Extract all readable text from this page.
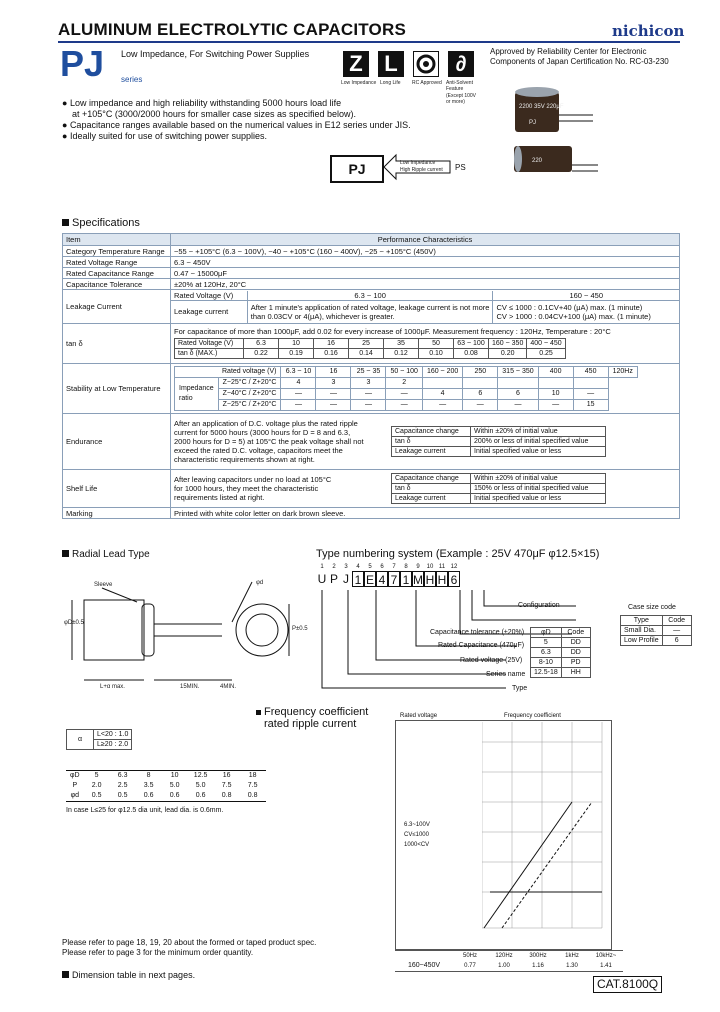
ALUMINUM ELECTROLYTIC CAPACITORS	nichicon
PJ series
Low Impedance, For Switching Power Supplies Z
Low Impedance
L
Long Life RC Approved
∂
Anti-Solvent Feature
(Except 100V or more)
Approved by Reliability Center for Electronic
Components of Japan Certification No. RC-03-230
2200 35V 220μF
PJ
220
● Low impedance and high reliability withstanding 5000 hours load life
at +105°C (3000/2000 hours for smaller case sizes as specified below).
● Capacitance ranges available based on the numerical values in E12 series under JIS.
● Ideally suited for use of switching power supplies.
PJ	Low Impedance
High Ripple current PS
Specifications
Item	Performance Characteristics
Category Temperature Range	−55 ~ +105°C (6.3 ~ 100V), −40 ~ +105°C (160 ~ 400V), −25 ~ +105°C (450V)
Rated Voltage Range	6.3 ~ 450V
Rated Capacitance Range	0.47 ~ 15000μF
Capacitance Tolerance	±20% at 120Hz, 20°C
Leakage Current	
Rated Voltage (V)	6.3 ~ 100	160 ~ 450
Leakage current	After 1 minute's application of rated voltage, leakage current is not more
than 0.03CV or 4(μA), whichever is greater.

CV ≤ 1000 : 0.1CV+40 (μA) max. (1 minute)
CV > 1000 : 0.04CV+100 (μA) max. (1 minute)

tan δ	
For capacitance of more than 1000μF, add 0.02 for every increase of 1000μF. Measurement frequency : 120Hz, Temperature : 20°C
Rated Voltage (V)	6.3	10	16	25	35	50	63 ~ 100	160 ~ 350	400 ~ 450
tan δ (MAX.)	0.22	0.19	0.16	0.14	0.12	0.10	0.08	0.20	0.25

Stability at Low Temperature	
Rated voltage (V)	6.3 ~ 10	16	25 ~ 35	50 ~ 100	160 ~ 200	250	315 ~ 350	400	450	120Hz

Impedance
ratio
	Z−25°C / Z+20°C	4	3	3	2					
Z−40°C / Z+20°C	—	—	—	—	4	6	6	10	—
Z−25°C / Z+20°C	—	—	—	—	—	—	—	—	15

Endurance	
After an application of D.C. voltage plus the rated ripple
current for 5000 hours (3000 hours for D = 8 and 6.3,
2000 hours for D = 5) at 105°C the peak voltage shall not
exceed the rated D.C. voltage, capacitors meet the
characteristic requirements shown at right.
Capacitance change	Within ±20% of initial value
tan δ	200% or less of initial specified value
Leakage current	Initial specified value or less

Shelf Life	
After leaving capacitors under no load at 105°C
for 1000 hours, they meet the characteristic
requirements listed at right.
Capacitance change	Within ±20% of initial value
tan δ	150% or less of initial specified value
Leakage current	Initial specified value or less

Marking	Printed with white color letter on dark brown sleeve.
Radial Lead Type
Sleeve	φd
φD±0.5
L+α max.	15MIN.	4MIN.
P±0.5
α	L<20 : 1.0
L≥20 : 2.0
φD	5	6.3	8	10	12.5	16	18
P	2.0	2.5	3.5	5.0	5.0	7.5	7.5
φd	0.5	0.5	0.6	0.6	0.6	0.8	0.8
In case L≤25 for φ12.5 dia unit, lead dia. is 0.6mm.
Type numbering system (Example : 25V 470μF φ12.5×15)
1	2	3	4	5	6	7	8	9	10 11 12
U P J 1 E 4 7 1 M H H 6
Configuration
Capacitance tolerance (±20%)
Rated Capacitance (470μF)
Rated voltage (25V)
Series name
Type
φD	Code
5	DD
6.3	DD
8-10	PD
12.5-18	HH
Case size code
Type	Code
Small Dia.	—
Low Profile	6
Frequency coefficient
rated ripple current
Rated voltage	Frequency coefficient
6.3~100V
CV≤1000
1000<CV
	50Hz	120Hz	300Hz	1kHz	10kHz~
160~450V	0.77	1.00	1.16	1.30	1.41
Please refer to page 18, 19, 20 about the formed or taped product spec.
Please refer to page 3 for the minimum order quantity.
Dimension table in next pages.
CAT.8100Q
